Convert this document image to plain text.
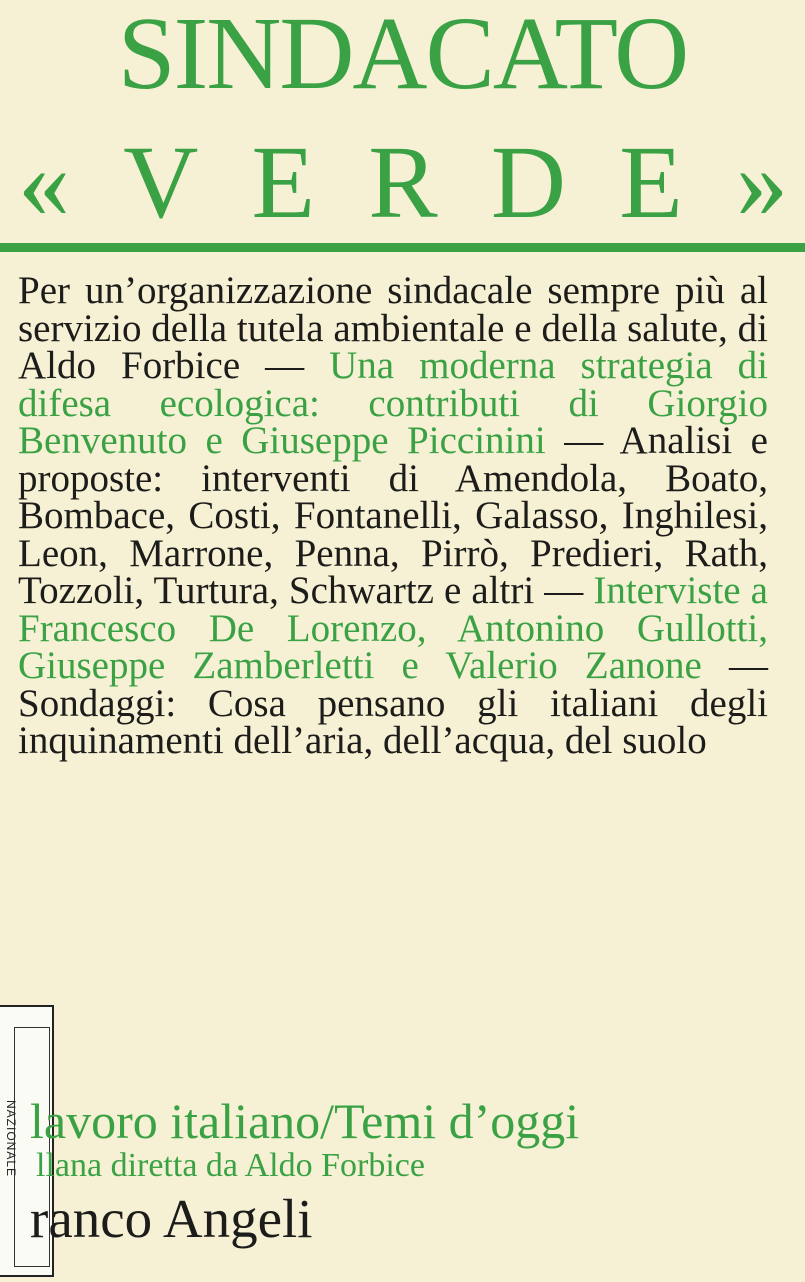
SINDACATO
« V E R D E »
Per un’organizzazione sindacale sempre più al servizio della tutela ambientale e della salute, di Aldo Forbice — Una moderna strategia di difesa ecologica: contributi di Giorgio Benvenuto e Giuseppe Piccinini — Analisi e proposte: interventi di Amendola, Boato, Bombace, Costi, Fontanelli, Galasso, Inghilesi, Leon, Marrone, Penna, Pirrò, Predieri, Rath, Tozzoli, Turtura, Schwartz e altri — Interviste a Francesco De Lorenzo, Antonino Gullotti, Giuseppe Zamberletti e Valerio Zanone — Sondaggi: Cosa pensano gli italiani degli inquinamenti dell’aria, dell’acqua, del suolo
NAZIONALE lavoro italiano/Temi d’oggi
llana diretta da Aldo Forbice
ranco Angeli
